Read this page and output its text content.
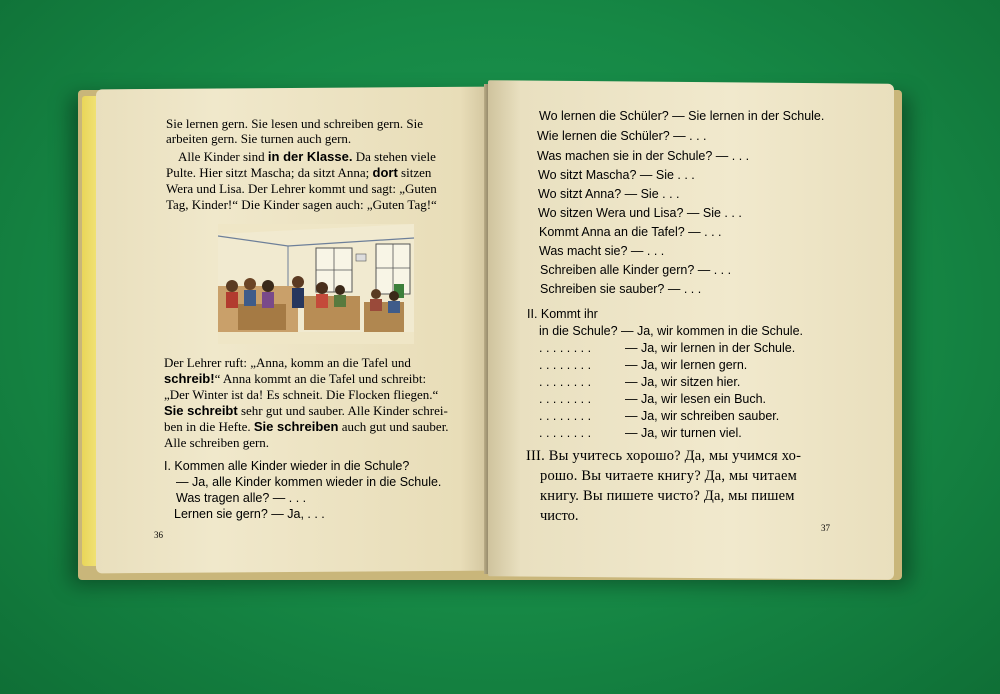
Sie lernen gern. Sie lesen und schreiben gern. Sie
arbeiten gern. Sie turnen auch gern.
Alle Kinder sind in der Klasse. Da stehen viele
Pulte. Hier sitzt Mascha; da sitzt Anna; dort sitzen
Wera und Lisa. Der Lehrer kommt und sagt: „Guten
Tag, Kinder!“ Die Kinder sagen auch: „Guten Tag!“
Der Lehrer ruft: „Anna, komm an die Tafel und
schreib!“ Anna kommt an die Tafel und schreibt:
„Der Winter ist da! Es schneit. Die Flocken fliegen.“
Sie schreibt sehr gut und sauber. Alle Kinder schrei-
ben in die Hefte. Sie schreiben auch gut und sauber.
Alle schreiben gern.
I. Kommen alle Kinder wieder in die Schule?
— Ja, alle Kinder kommen wieder in die Schule.
Was tragen alle? — . . .
Lernen sie gern? — Ja, . . .
36
Wo lernen die Schüler? — Sie lernen in der Schule.
Wie lernen die Schüler? — . . .
Was machen sie in der Schule? — . . .
Wo sitzt Mascha? — Sie . . .
Wo sitzt Anna? — Sie . . .
Wo sitzen Wera und Lisa? — Sie . . .
Kommt Anna an die Tafel? — . . .
Was macht sie? — . . .
Schreiben alle Kinder gern? — . . .
Schreiben sie sauber? — . . .
II. Kommt ihr
in die Schule? — Ja, wir kommen in die Schule.
. . . . . . . .	— Ja, wir lernen in der Schule.
. . . . . . . .	— Ja, wir lernen gern.
. . . . . . . .	— Ja, wir sitzen hier.
. . . . . . . .	— Ja, wir lesen ein Buch.
. . . . . . . .	— Ja, wir schreiben sauber.
. . . . . . . .	— Ja, wir turnen viel.
III. Вы учитесь хорошо? Да, мы учимся хо-
рошо. Вы читаете книгу? Да, мы читаем
книгу. Вы пишете чисто? Да, мы пишем
чисто.
37
